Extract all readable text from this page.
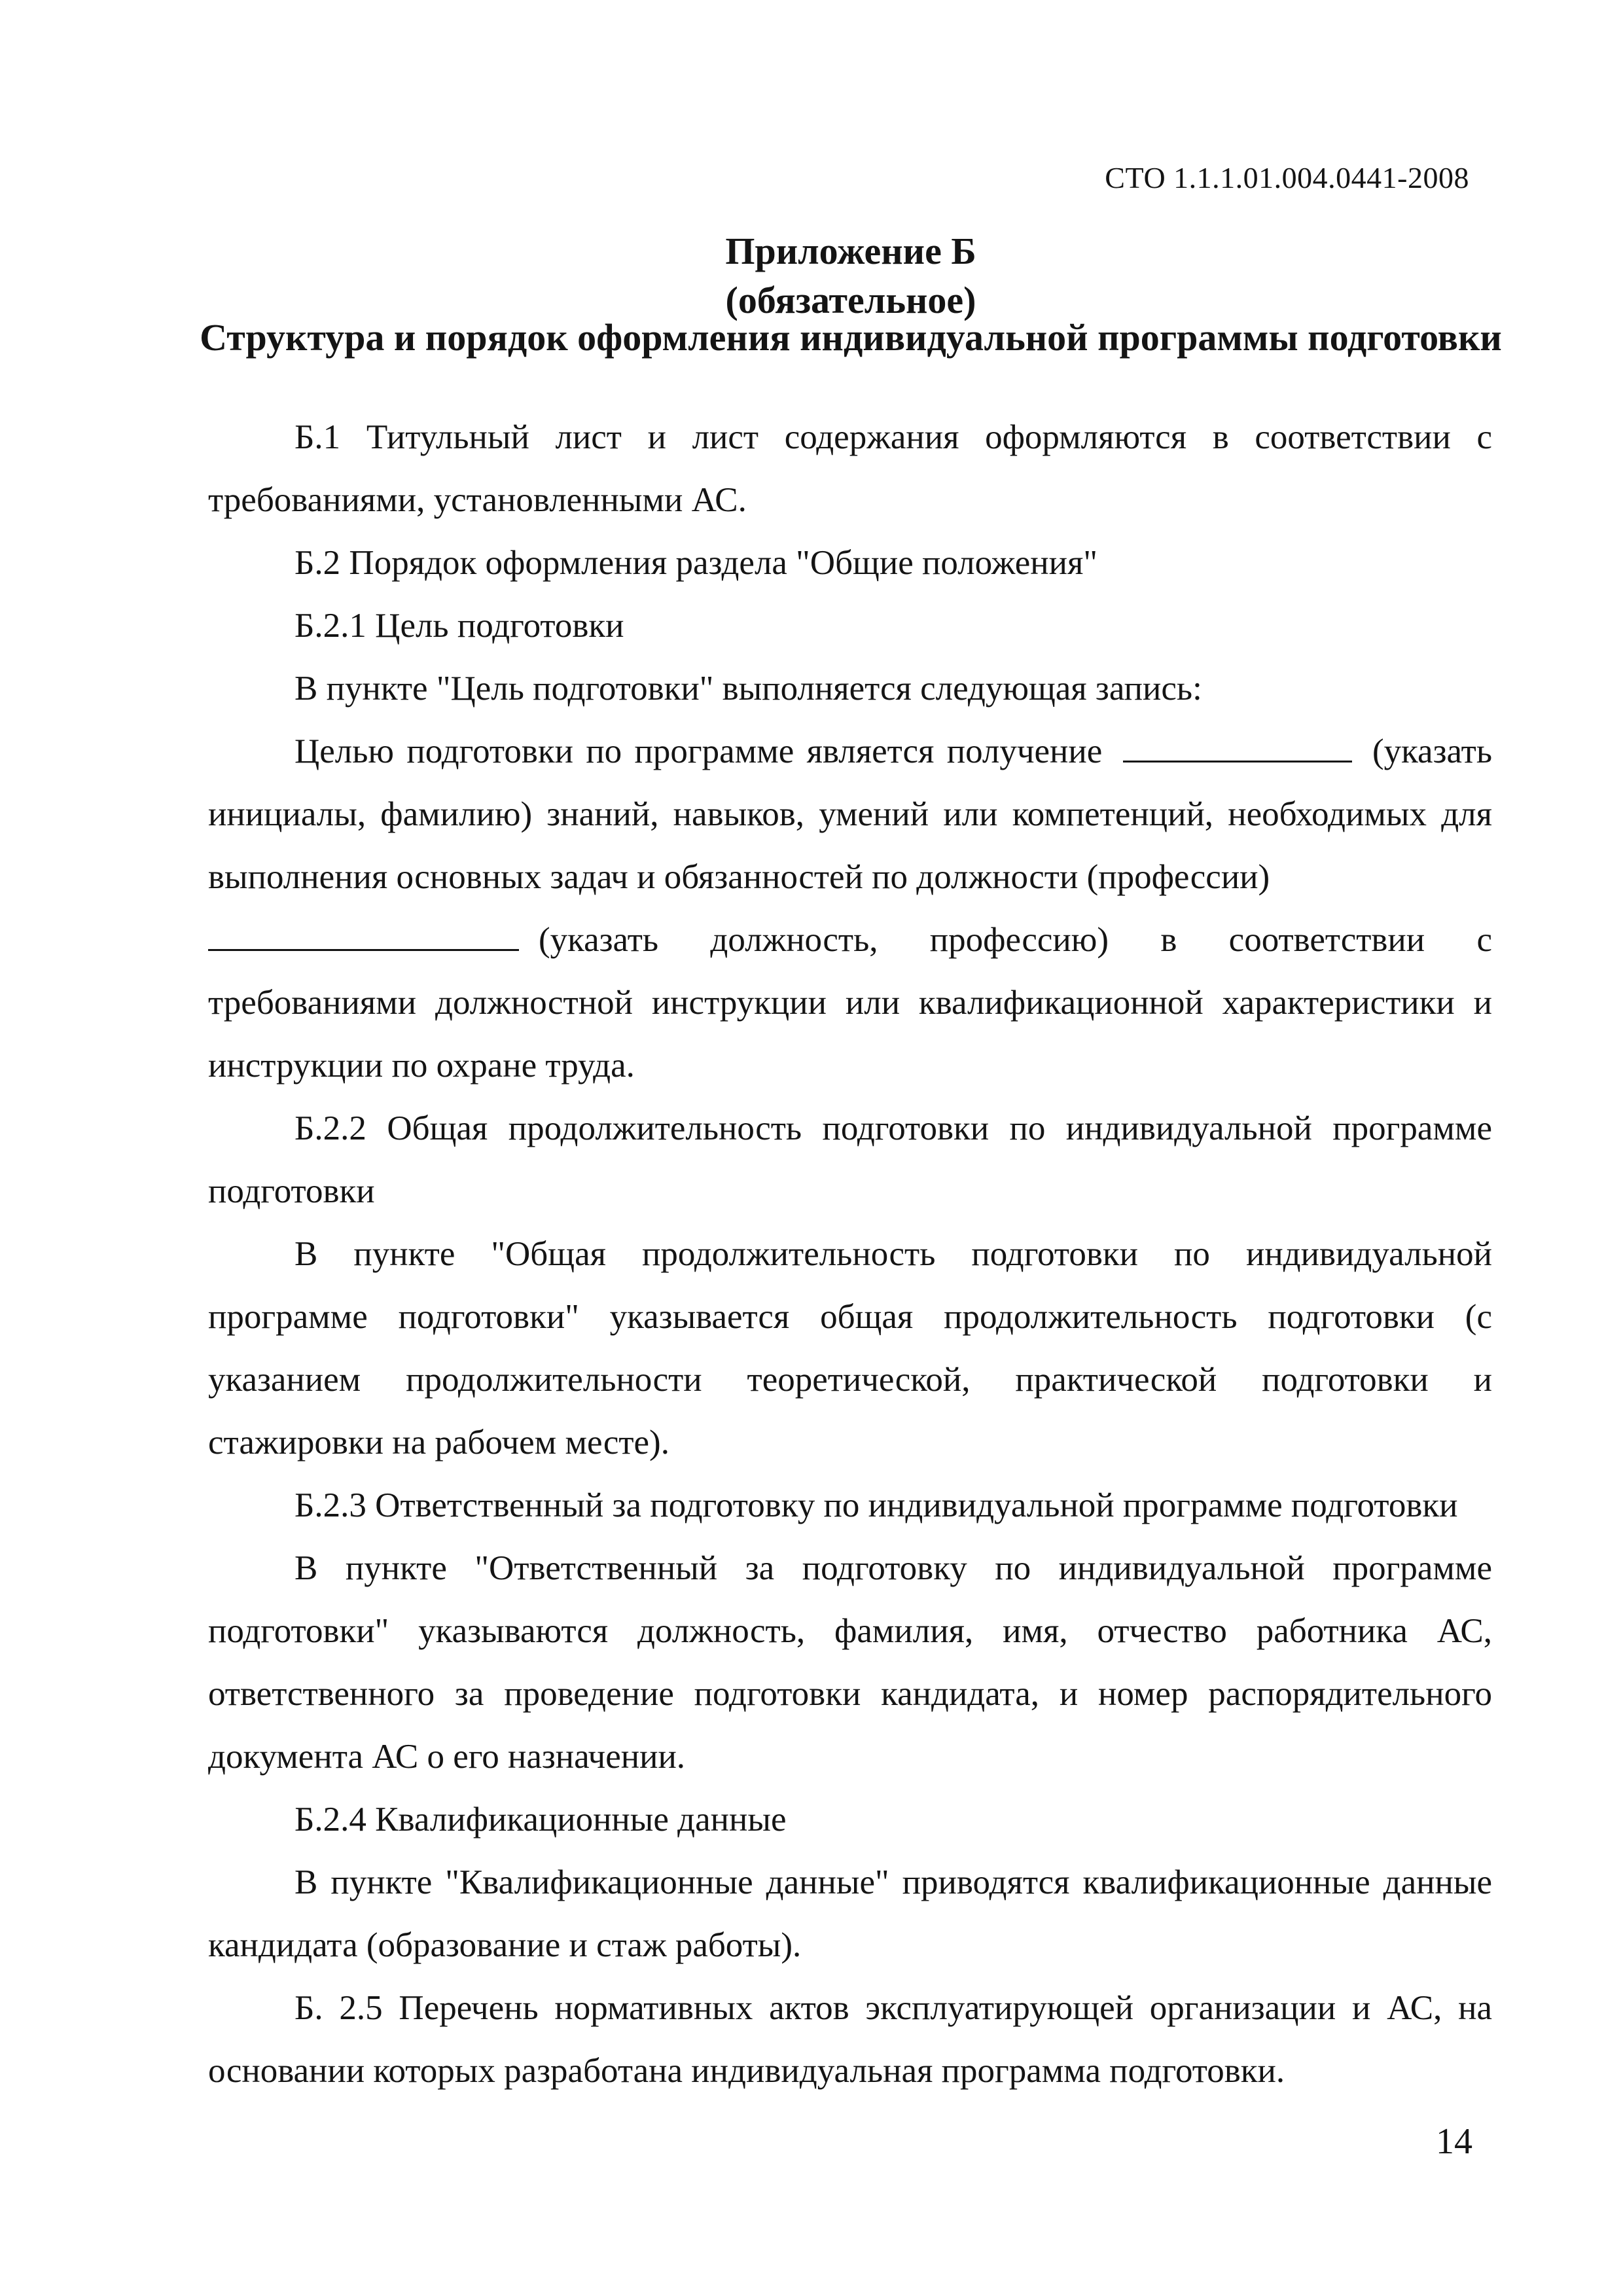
СТО 1.1.1.01.004.0441-2008
Приложение Б
(обязательное)
Структура и порядок оформления индивидуальной программы подготовки

Б.1 Титульный лист и лист содержания оформляются в соответствии с требованиями, установленными АС.

Б.2 Порядок оформления раздела "Общие положения"

Б.2.1 Цель подготовки

В пункте "Цель подготовки" выполняется следующая запись:

Целью подготовки по программе является получение	(указать инициалы, фамилию) знаний, навыков, умений или компетенций, необходимых для выполнения основных задач и обязанностей по должности (профессии)
(указать должность, профессию) в соответствии с требованиями должностной инструкции или квалификационной характеристики и инструкции по охране труда.

Б.2.2 Общая продолжительность подготовки по индивидуальной программе подготовки

В пункте "Общая продолжительность подготовки по индивидуальной программе подготовки" указывается общая продолжительность подготовки (с указанием продолжительности теоретической, практической подготовки и стажировки на рабочем месте).

Б.2.3 Ответственный за подготовку по индивидуальной программе подготовки

В пункте "Ответственный за подготовку по индивидуальной программе подготовки" указываются должность, фамилия, имя, отчество работника АС, ответственного за проведение подготовки кандидата, и номер распорядительного документа АС о его назначении.

Б.2.4 Квалификационные данные

В пункте "Квалификационные данные" приводятся квалификационные данные кандидата (образование и стаж работы).

Б. 2.5 Перечень нормативных актов эксплуатирующей организации и АС, на основании которых разработана индивидуальная программа подготовки.

14
